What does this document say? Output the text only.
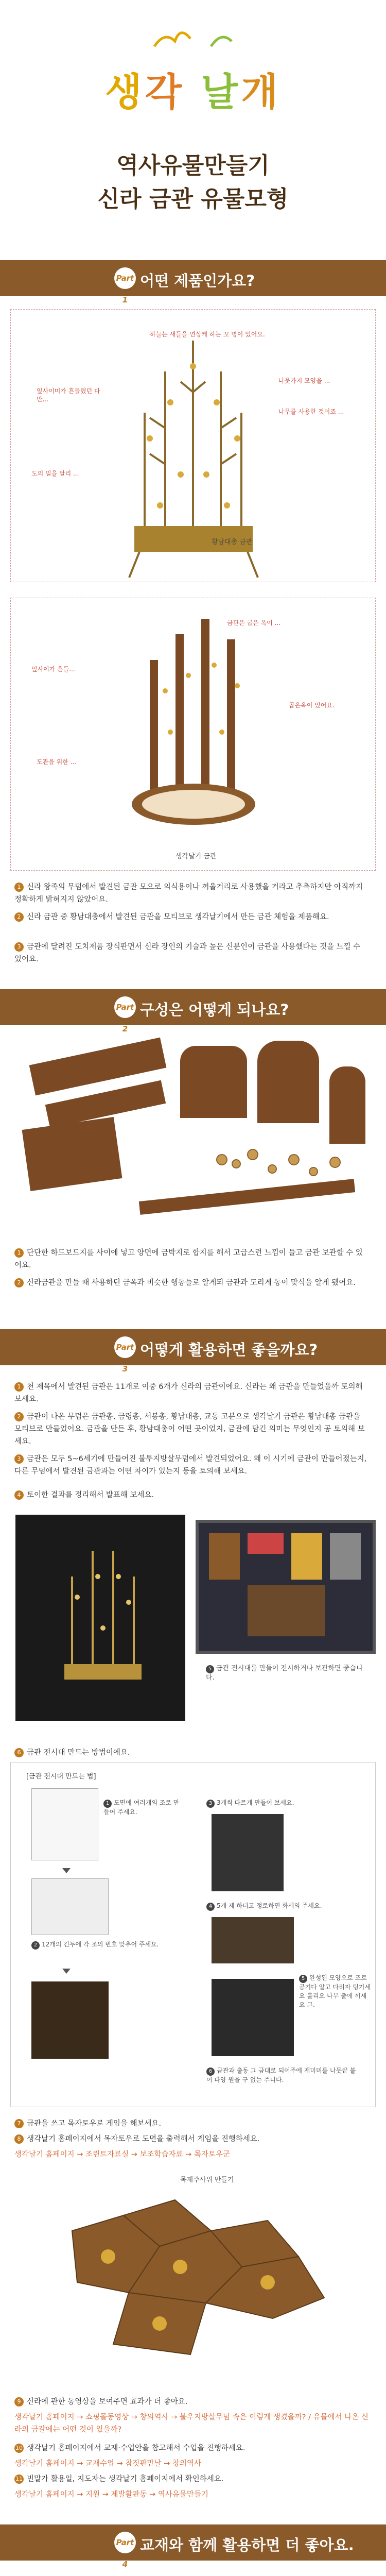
생각 날개
역사유물만들기
신라 금관 유물모형
Part 1
어떤 제품인가요?
하늘는 새들을 연상케 하는 꼬 명이 있어요.
잎사이미가 흔들렸던 다만...
나뭇가지 모양을 ...
도의 밀을 달리 ...
나무를 사용한 것이죠 ...
황남대총 금관
금관은 굽은 옥이 ...
잎사이가 흔들...
곱은옥이 있어요.
도관을 위한 ...
생각날기 금관
1 신라 왕족의 무덤에서 발견된 금관 모으로 의식용이나 꺼울거리로 사용했을 거라고 추측하지만 아직까지 정확하게 밝혀지지 않았어요.
2 신라 금관 중 황남대총에서 발견된 금관을 모티브로 생각날기에서 만든 금관 체험을 제품해요.
3 금관에 달려진 도치제품 장식판면서 신라 장인의 기술과 높은 신분인이 금관을 사용했다는 것을 느낄 수 있어요.
Part 2
구성은 어떻게 되나요?
1 단단한 하드보드지를 사이에 넣고 양면에 금박지로 합지를 해서 고급스런 느낌이 들고 금관 보관할 수 있어요.
2 신라금관을 만들 때 사용하던 금옥과 비슷한 행동들로 알게되 금관과 도리게 동이 맞식을 알게 됐어요.
Part 3
어떻게 활용하면 좋을까요?
1 천 제목에서 발견된 금관은 11개로 이중 6개가 신라의 금관이에요. 신라는 왜 금관을 만들었을까 토의해 보세요.
2 금관이 나온 무덤은 금관총, 금령총, 서봉총, 황남대총, 교동 고분으로 생각날기 금관은 황남대총 금관을 모티브로 만들었어요. 금관을 만든 후, 황남대총이 어떤 곳이었지, 금관에 담긴 의미는 무엇인지 공 토의해 보세요.
3 금관은 모두 5~6세기에 만들어진 불투지방살무덤에서 발견되었어요. 왜 이 시기에 금관이 만들어졌는지, 다른 무덤에서 발견된 금관과는 어떤 차이가 있는지 등을 토의해 보세요.
4 토이한 결과를 정리해서 발표해 보세요.
5 금관 전시대를 만들어 전시하거나 보관하면 좋습니다.
6 금관 전시대 만드는 방법이에요.
[금관 전시대 만드는 법]
1 도면에 여러개의 조로 만들어 주세요.
2 12개의 긴두에 각 조의 번호 맞추어 주세요.
3 3개씩 다르게 만들어 보세요.
4 5개 제 하더고 정로하면 화세의 주세요.
5 완성된 모양으로 조로 공기다 알고 다리자 팅기세요 흘리요 나무 출에 끼세요 그.
6 금관과 출동 그 금대로 되어주에 재미미를 나뭇끝 붙어 다양 원을 구 없는 주니다.
7 금관을 쓰고 목자토우로 게임을 해보세요.
8 생각날기 홈페이지에서 목자토우로 도면을 출력해서 게임을 진행하세요.
생각날기 홈페이지 → 조린트자료실 → 보조학습자료 → 목자토우군
목제주사위 만들기
9 신라에 관한 동영상을 보여주면 효과가 더 좋아요.
생각날기 홈페이지 → 쇼핑몰동영상 → 창의역사 → 불우지방살무덤 속은 이렇게 생겼을까? / 유물에서 나온 신라의 금갈에는 어떤 것이 있을까?
10 생각날기 홈페이지에서 교재·수업안을 참고해서 수업을 진행하세요.
생각날기 홈페이지 → 교재수업 → 참짓판만날 → 창의역사
11 빈말가 활용일, 지도자는 생각날기 홈페이지에서 확인하세요.
생각날기 홈페이지 → 지원 → 제발활판동 → 역사유물만들기
Part 4
교재와 함께 활용하면 더 좋아요.
